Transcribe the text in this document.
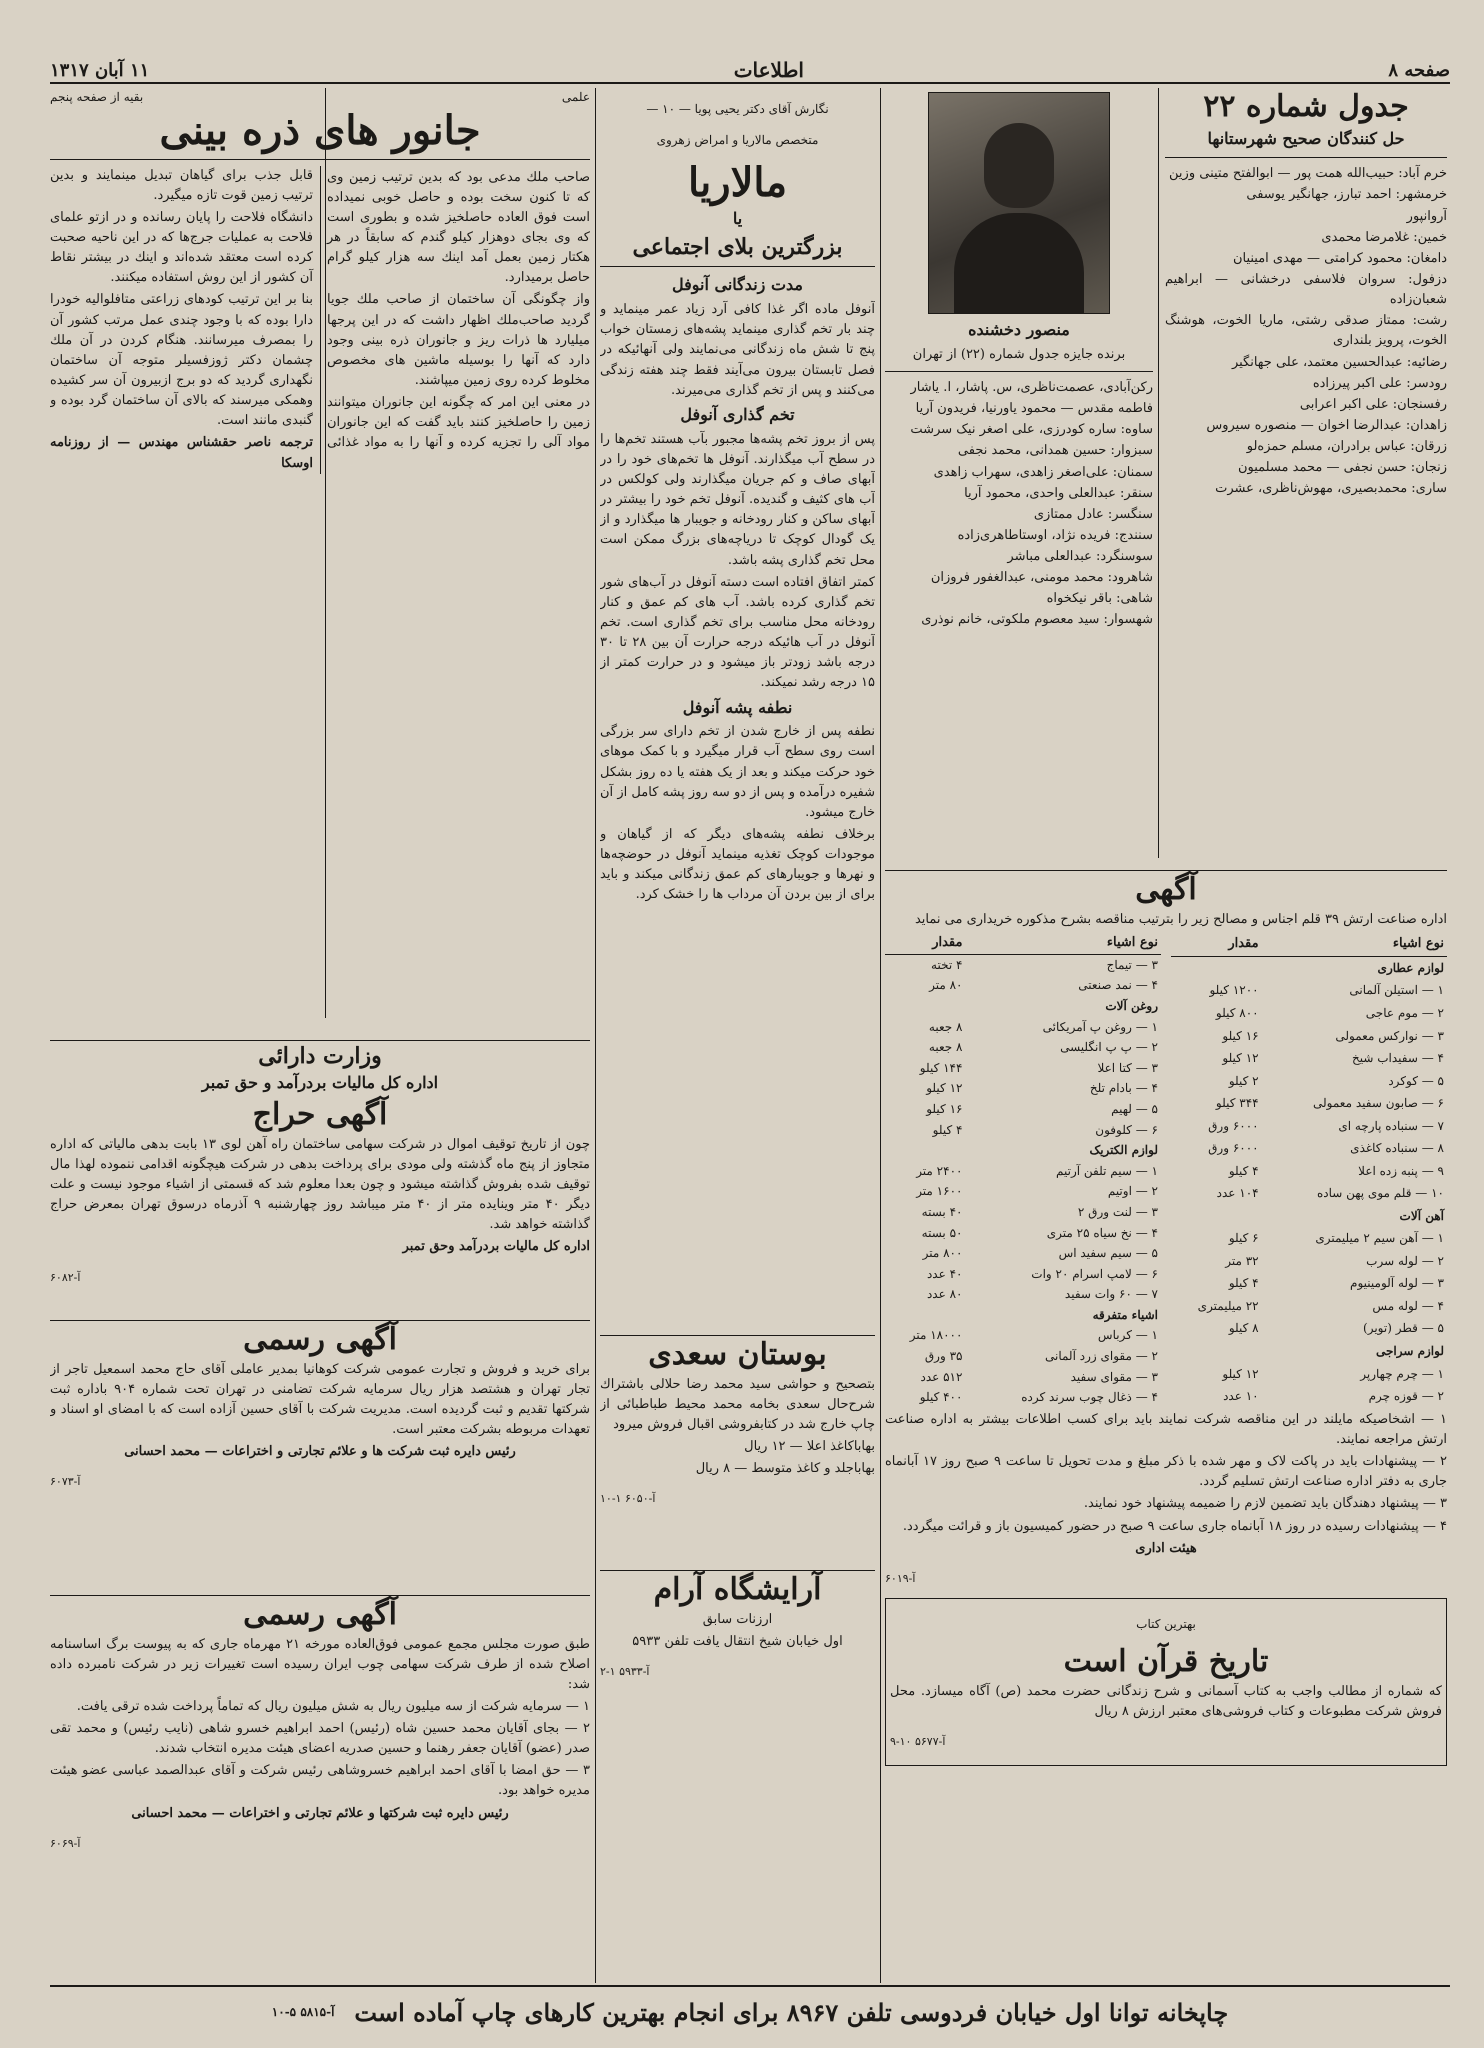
صفحه ۸
اطلاعات
۱۱ آبان ۱۳۱۷
جدول شماره ۲۲
حل کنندگان صحیح شهرستانها
خرم آباد: حبیب‌الله همت پور — ابوالفتح متینی وزین
خرمشهر: احمد تبارز، جهانگیر یوسفی
آروانپور
خمین: غلامرضا محمدی
دامغان: محمود کرامتی — مهدی امینیان
دزفول: سروان فلاسفی درخشانی — ابراهیم شعبان‌زاده
رشت: ممتاز صدقی رشتی، ماریا الخوت، هوشنگ الخوت، پرویز بلنداری
رضائیه: عبدالحسین معتمد، علی جهانگیر
رودسر: علی اکبر پیرزاده
رفسنجان: علی اکبر اعرابی
زاهدان: عبدالرضا اخوان — منصوره سیروس
زرقان: عباس برادران، مسلم حمزه‌لو
زنجان: حسن نجفی — محمد مسلمیون
ساری: محمدبصیری، مهوش‌ناظری، عشرت
منصور دخشنده

برنده جایزه جدول شماره (۲۲) از تهران

رکن‌آبادی، عصمت‌ناظری، س. پاشار، ا. یاشار
فاطمه مقدس — محمود یاورنیا، فریدون آریا
ساوه: ساره کودرزی، علی اصغر نیک سرشت
سبزوار: حسین همدانی، محمد نجفی
سمنان: علی‌اصغر زاهدی، سهراب زاهدی
سنقر: عبدالعلی واحدی، محمود آریا
سنگسر: عادل ممتازی
سنندج: فریده نژاد، اوستاطاهری‌زاده
سوسنگرد: عبدالعلی مباشر
شاهرود: محمد مومنی، عبدالغفور فروزان
شاهی: باقر نیکخواه
شهسوار: سید معصوم ملکوتی، خانم نوذری
آگهی

اداره صناعت ارتش ۳۹ قلم اجناس و مصالح زیر را بترتیب مناقصه بشرح مذکوره خریداری می نماید

نوع اشیاء	مقدار
لوازم عطاری	
۱ — استیلن آلمانی	۱۲۰۰ کیلو
۲ — موم عاجی	۸۰۰ کیلو
۳ — نوارکس معمولی	۱۶ کیلو
۴ — سفیداب شیخ	۱۲ کیلو
۵ — کوکرد	۲ کیلو
۶ — صابون سفید معمولی	۳۴۴ کیلو
۷ — سنباده پارچه ای	۶۰۰۰ ورق
۸ — سنباده کاغذی	۶۰۰۰ ورق
۹ — پنبه زده اعلا	۴ کیلو
۱۰ — قلم موی پهن ساده	۱۰۴ عدد
آهن آلات	
۱ — آهن سیم ۲ میلیمتری	۶ کیلو
۲ — لوله سرب	۳۲ متر
۳ — لوله آلومینیوم	۴ کیلو
۴ — لوله مس	۲۲ میلیمتری
۵ — قطر (تویر)	۸ کیلو
لوازم سراجی	
۱ — چرم چهارپر	۱۲ کیلو
۲ — قوزه چرم	۱۰ عدد
نوع اشیاء	مقدار
۳ — تیماج	۴ تخته
۴ — نمد صنعتی	۸۰ متر
روغن آلات	
۱ — روغن پ آمریکائی	۸ جعبه
۲ — پ پ انگلیسی	۸ جعبه
۳ — کتا اعلا	۱۴۴ کیلو
۴ — بادام تلخ	۱۲ کیلو
۵ — لهیم	۱۶ کیلو
۶ — کلوفون	۴ کیلو
لوازم الکتریک	
۱ — سیم تلفن آرتیم	۲۴۰۰ متر
۲ — اوتیم	۱۶۰۰ متر
۳ — لنت ورق ۲	۴۰ بسته
۴ — نخ سیاه ۲۵ متری	۵۰ بسته
۵ — سیم سفید اس	۸۰۰ متر
۶ — لامپ اسرام ۲۰ وات	۴۰ عدد
۷ — ۶۰ وات سفید	۸۰ عدد
اشیاء متفرقه	
۱ — کرباس	۱۸۰۰۰ متر
۲ — مقوای زرد آلمانی	۳۵ ورق
۳ — مقوای سفید	۵۱۲ عدد
۴ — ذغال چوب سرند کرده	۴۰۰ کیلو

۱ — اشخاصیکه مایلند در این مناقصه شرکت نمایند باید برای کسب اطلاعات بیشتر به اداره صناعت ارتش مراجعه نمایند.

۲ — پیشنهادات باید در پاکت لاک و مهر شده با ذکر مبلغ و مدت تحویل تا ساعت ۹ صبح روز ۱۷ آبانماه جاری به دفتر اداره صناعت ارتش تسلیم گردد.

۳ — پیشنهاد دهندگان باید تضمین لازم را ضمیمه پیشنهاد خود نمایند.

۴ — پیشنهادات رسیده در روز ۱۸ آبانماه جاری ساعت ۹ صبح در حضور کمیسیون باز و قرائت میگردد.

هیئت اداری

آ-۶۰۱۹

بهترین کتاب

تاریخ قرآن است

که شماره از مطالب واجب به کتاب آسمانی و شرح زندگانی حضرت محمد (ص) آگاه میسازد. محل فروش شرکت مطبوعات و کتاب فروشی‌های معتبر ارزش ۸ ریال

آ-۵۶۷۷ ۱۰-۹

نگارش آقای دکتر یحیی پویا — ۱۰ —

متخصص مالاریا و امراض زهروی

مالاریا
یا
بزرگترین بلای اجتماعی
مدت زندگانی آنوفل

آنوفل ماده اگر غذا کافی آرد زیاد عمر مینماید و چند بار تخم گذاری مینماید پشه‌های زمستان خواب پنج تا شش ماه زندگانی می‌نمایند ولی آنهائیکه در فصل تابستان بیرون می‌آیند فقط چند هفته زندگی می‌کنند و پس از تخم گذاری می‌میرند.

تخم گذاری آنوفل

پس از بروز تخم پشه‌ها مجبور بآب هستند تخم‌ها را در سطح آب میگذارند. آنوفل ها تخم‌های خود را در آبهای صاف و کم جریان میگذارند ولی کولکس در آب های کثیف و گندیده. آنوفل تخم خود را بیشتر در آبهای ساکن و کنار رودخانه و جویبار ها میگذارد و از یک گودال کوچک تا دریاچه‌های بزرگ ممکن است محل تخم گذاری پشه باشد.

کمتر اتفاق افتاده است دسته آنوفل در آب‌های شور تخم گذاری کرده باشد. آب های کم عمق و کنار رودخانه محل مناسب برای تخم گذاری است. تخم آنوفل در آب هائیکه درجه حرارت آن بین ۲۸ تا ۳۰ درجه باشد زودتر باز میشود و در حرارت کمتر از ۱۵ درجه رشد نمیکند.

نطفه پشه آنوفل

نطفه پس از خارج شدن از تخم دارای سر بزرگی است روی سطح آب قرار میگیرد و با کمک موهای خود حرکت میکند و بعد از یک هفته یا ده روز بشکل شفیره درآمده و پس از دو سه روز پشه کامل از آن خارج میشود.

برخلاف نطفه پشه‌های دیگر که از گیاهان و موجودات کوچک تغذیه مینماید آنوفل در حوضچه‌ها و نهرها و جویبارهای کم عمق زندگانی میکند و باید برای از بین بردن آن مرداب ها را خشک کرد.

بوستان سعدی

بتصحیح و حواشی سید محمد رضا حلالی باشتراك شرح‌حال سعدی بخامه محمد محیط طباطبائی از چاپ خارج شد در کتابفروشی اقبال فروش میرود

بهاباکاغذ اعلا — ۱۲ ریال

بهاباجلد و کاغذ متوسط — ۸ ریال

آ-۶۰۵۰ ۱-۱۰

آرایشگاه آرام

ارزنات سابق

اول خیابان شیخ انتقال یافت تلفن ۵۹۳۳

آ-۵۹۳۳ ۱-۲

علمی
بقیه از صفحه پنجم
جانور های ذره بینی

صاحب ملك مدعی بود که بدین ترتیب زمین وی که تا کنون سخت بوده و حاصل خوبی نمیداده است فوق العاده حاصلخیز شده و بطوری است که وی بجای دوهزار کیلو گندم که سابقاً در هر هکتار زمین بعمل آمد اینك سه هزار کیلو گرام حاصل برمیدارد.

واز چگونگی آن ساختمان از صاحب ملك جویا گردید صاحب‌ملك اظهار داشت که در این پرجها میلیارد ها ذرات ریز و جانوران ذره بینی وجود دارد که آنها را بوسیله ماشین های مخصوص مخلوط کرده روی زمین میپاشند.

در معنی این امر که چگونه این جانوران میتوانند زمین را حاصلخیز کنند باید گفت که این جانوران مواد آلی را تجزیه کرده و آنها را به مواد غذائی قابل جذب برای گیاهان تبدیل مینمایند و بدین ترتیب زمین قوت تازه میگیرد.

دانشگاه فلاحت را پایان رسانده و در ازتو علمای فلاحت به عملیات جرج‌ها که در این ناحیه صحبت کرده است معتقد شده‌اند و اینك در بیشتر نقاط آن کشور از این روش استفاده میکنند.

بنا بر این ترتیب کودهای زراعتی متافلوالیه خودرا دارا بوده که با وجود چندی عمل مرتب کشور آن را بمصرف میرسانند. هنگام کردن در آن ملك چشمان دکتر ژوزفسیلر متوجه آن ساختمان نگهداری گردید که دو برج ازبیرون آن سر کشیده وهمکی میرسند که بالای آن ساختمان گرد بوده و گنبدی مانند است.

ترجمه ناصر حقشناس مهندس — از روزنامه اوسکا

وزارت دارائی
اداره کل مالیات بردرآمد و حق تمبر
آگهی حراج

چون از تاریخ توقیف اموال در شرکت سهامی ساختمان راه آهن لوی ۱۳ بابت بدهی مالیاتی که اداره متجاوز از پنج ماه گذشته ولی مودی برای پرداخت بدهی در شرکت هیچگونه اقدامی ننموده لهذا مال توقیف شده بفروش گذاشته میشود و چون بعدا معلوم شد که قسمتی از اشیاء موجود نیست و علت دیگر ۴۰ متر وینایده متر از ۴۰ متر میباشد روز چهارشنبه ۹ آذرماه درسوق تهران بمعرض حراج گذاشته خواهد شد.

اداره کل مالیات بردرآمد وحق تمبر

آ-۶۰۸۲

آگهی رسمی

برای خرید و فروش و تجارت عمومی شرکت کوهانیا بمدیر عاملی آقای حاج محمد اسمعیل تاجر از تجار تهران و هشتصد هزار ریال سرمایه شرکت تضامنی در تهران تحت شماره ۹۰۴ باداره ثبت شرکتها تقدیم و ثبت گردیده است. مدیریت شرکت با آقای حسین آزاده است که با امضای او اسناد و تعهدات مربوطه بشرکت معتبر است.

رئیس دایره ثبت شرکت ها و علائم تجارتی و اختراعات — محمد احسانی

آ-۶۰۷۳

آگهی رسمی

طبق صورت مجلس مجمع عمومی فوق‌العاده مورخه ۲۱ مهرماه جاری که به پیوست برگ اساسنامه اصلاح شده از طرف شرکت سهامی چوب ایران رسیده است تغییرات زیر در شرکت نامبرده داده شد:

۱ — سرمایه شرکت از سه میلیون ریال به شش میلیون ریال که تماماً پرداخت شده ترقی یافت.

۲ — بجای آقایان محمد حسین شاه (رئیس) احمد ابراهیم خسرو شاهی (نایب رئیس) و محمد تقی صدر (عضو) آقایان جعفر رهنما و حسین صدریه اعضای هیئت مدیره انتخاب شدند.

۳ — حق امضا با آقای احمد ابراهیم خسروشاهی رئیس شرکت و آقای عبدالصمد عباسی عضو هیئت مدیره خواهد بود.

رئیس دایره ثبت شرکتها و علائم تجارتی و اختراعات — محمد احسانی

آ-۶۰۶۹

چاپخانه توانا اول خیابان فردوسی تلفن ۸۹۶۷ برای انجام بهترین کارهای چاپ آماده است
آ-۵۸۱۵ ۵-۱۰
